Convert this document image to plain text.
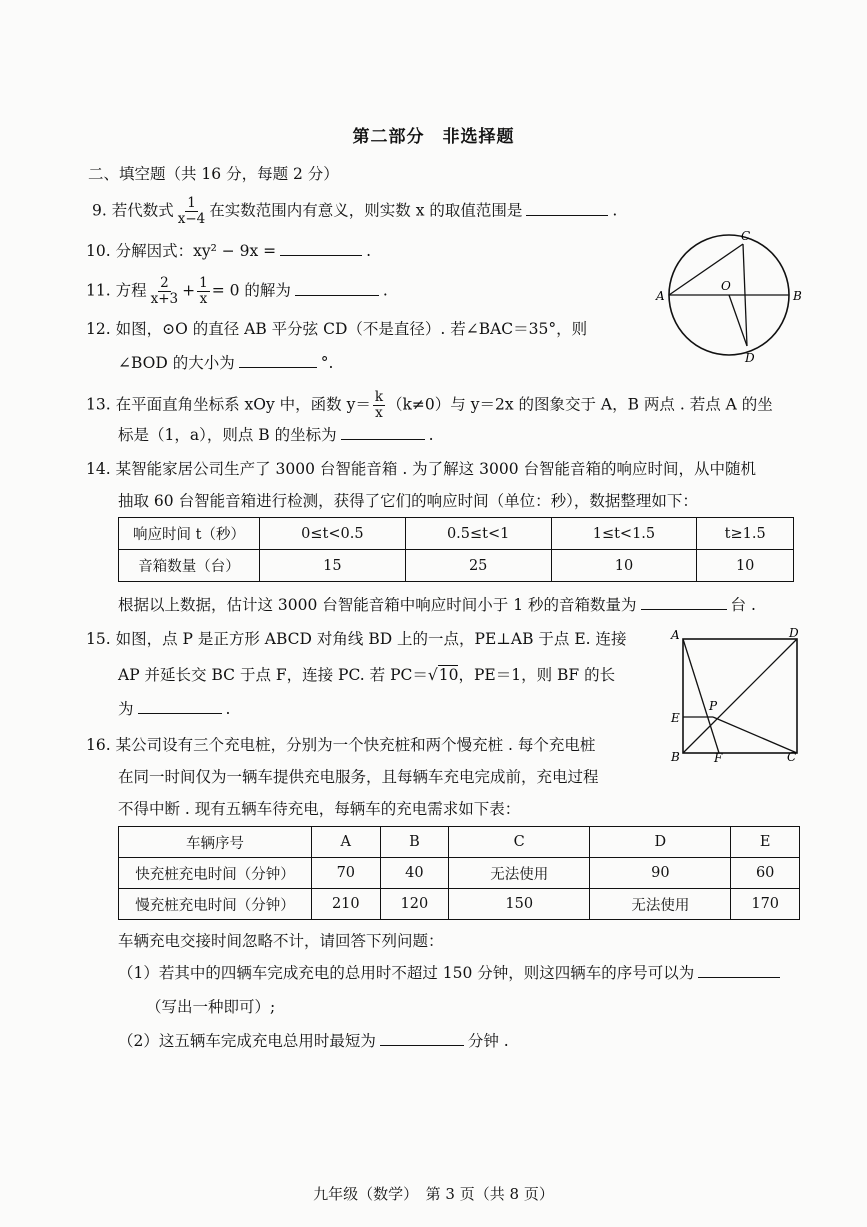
第二部分　非选择题
二、填空题（共 16 分，每题 2 分）
9. 若代数式 $\frac{1}{x-4}$ 在实数范围内有意义，则实数 x 的取值范围是	.
10. 分解因式：xy² − 9x =	.
11. 方程 $\frac{2}{x+3} + \frac{1}{x} = 0$ 的解为	.
12. 如图，⊙O 的直径 AB 平分弦 CD（不是直径）. 若∠BAC＝35°，则
∠BOD 的大小为	°.
A	B
C
D
O
13. 在平面直角坐标系 xOy 中，函数 $y= \frac{k}{x} (k\ne 0)$与 y＝2x 的图象交于 A，B 两点 . 若点 A 的坐
标是（1，a），则点 B 的坐标为	.
14. 某智能家居公司生产了 3000 台智能音箱 . 为了解这 3000 台智能音箱的响应时间，从中随机
抽取 60 台智能音箱进行检测，获得了它们的响应时间（单位：秒），数据整理如下：
响应时间 t（秒）	0≤t<0.5	0.5≤t<1	1≤t<1.5	t≥1.5
音箱数量（台）	15	25	10	10
根据以上数据，估计这 3000 台智能音箱中响应时间小于 1 秒的音箱数量为	台 .
15. 如图，点 P 是正方形 ABCD 对角线 BD 上的一点，PE⊥AB 于点 E. 连接
AP 并延长交 BC 于点 F，连接 PC. 若 PC＝√10，PE＝1，则 BF 的长
为	.
A	D
B	C
E
F
P
16. 某公司设有三个充电桩，分别为一个快充桩和两个慢充桩 . 每个充电桩
在同一时间仅为一辆车提供充电服务，且每辆车充电完成前，充电过程
不得中断 . 现有五辆车待充电，每辆车的充电需求如下表：
车辆序号	A	B	C	D	E
快充桩充电时间（分钟）	70	40	无法使用	90	60
慢充桩充电时间（分钟）	210	120	150	无法使用	170
车辆充电交接时间忽略不计，请回答下列问题：
（1）若其中的四辆车完成充电的总用时不超过 150 分钟，则这四辆车的序号可以为
（写出一种即可）;
（2）这五辆车完成充电总用时最短为	分钟 .
九年级（数学）　第 3 页（共 8 页）
